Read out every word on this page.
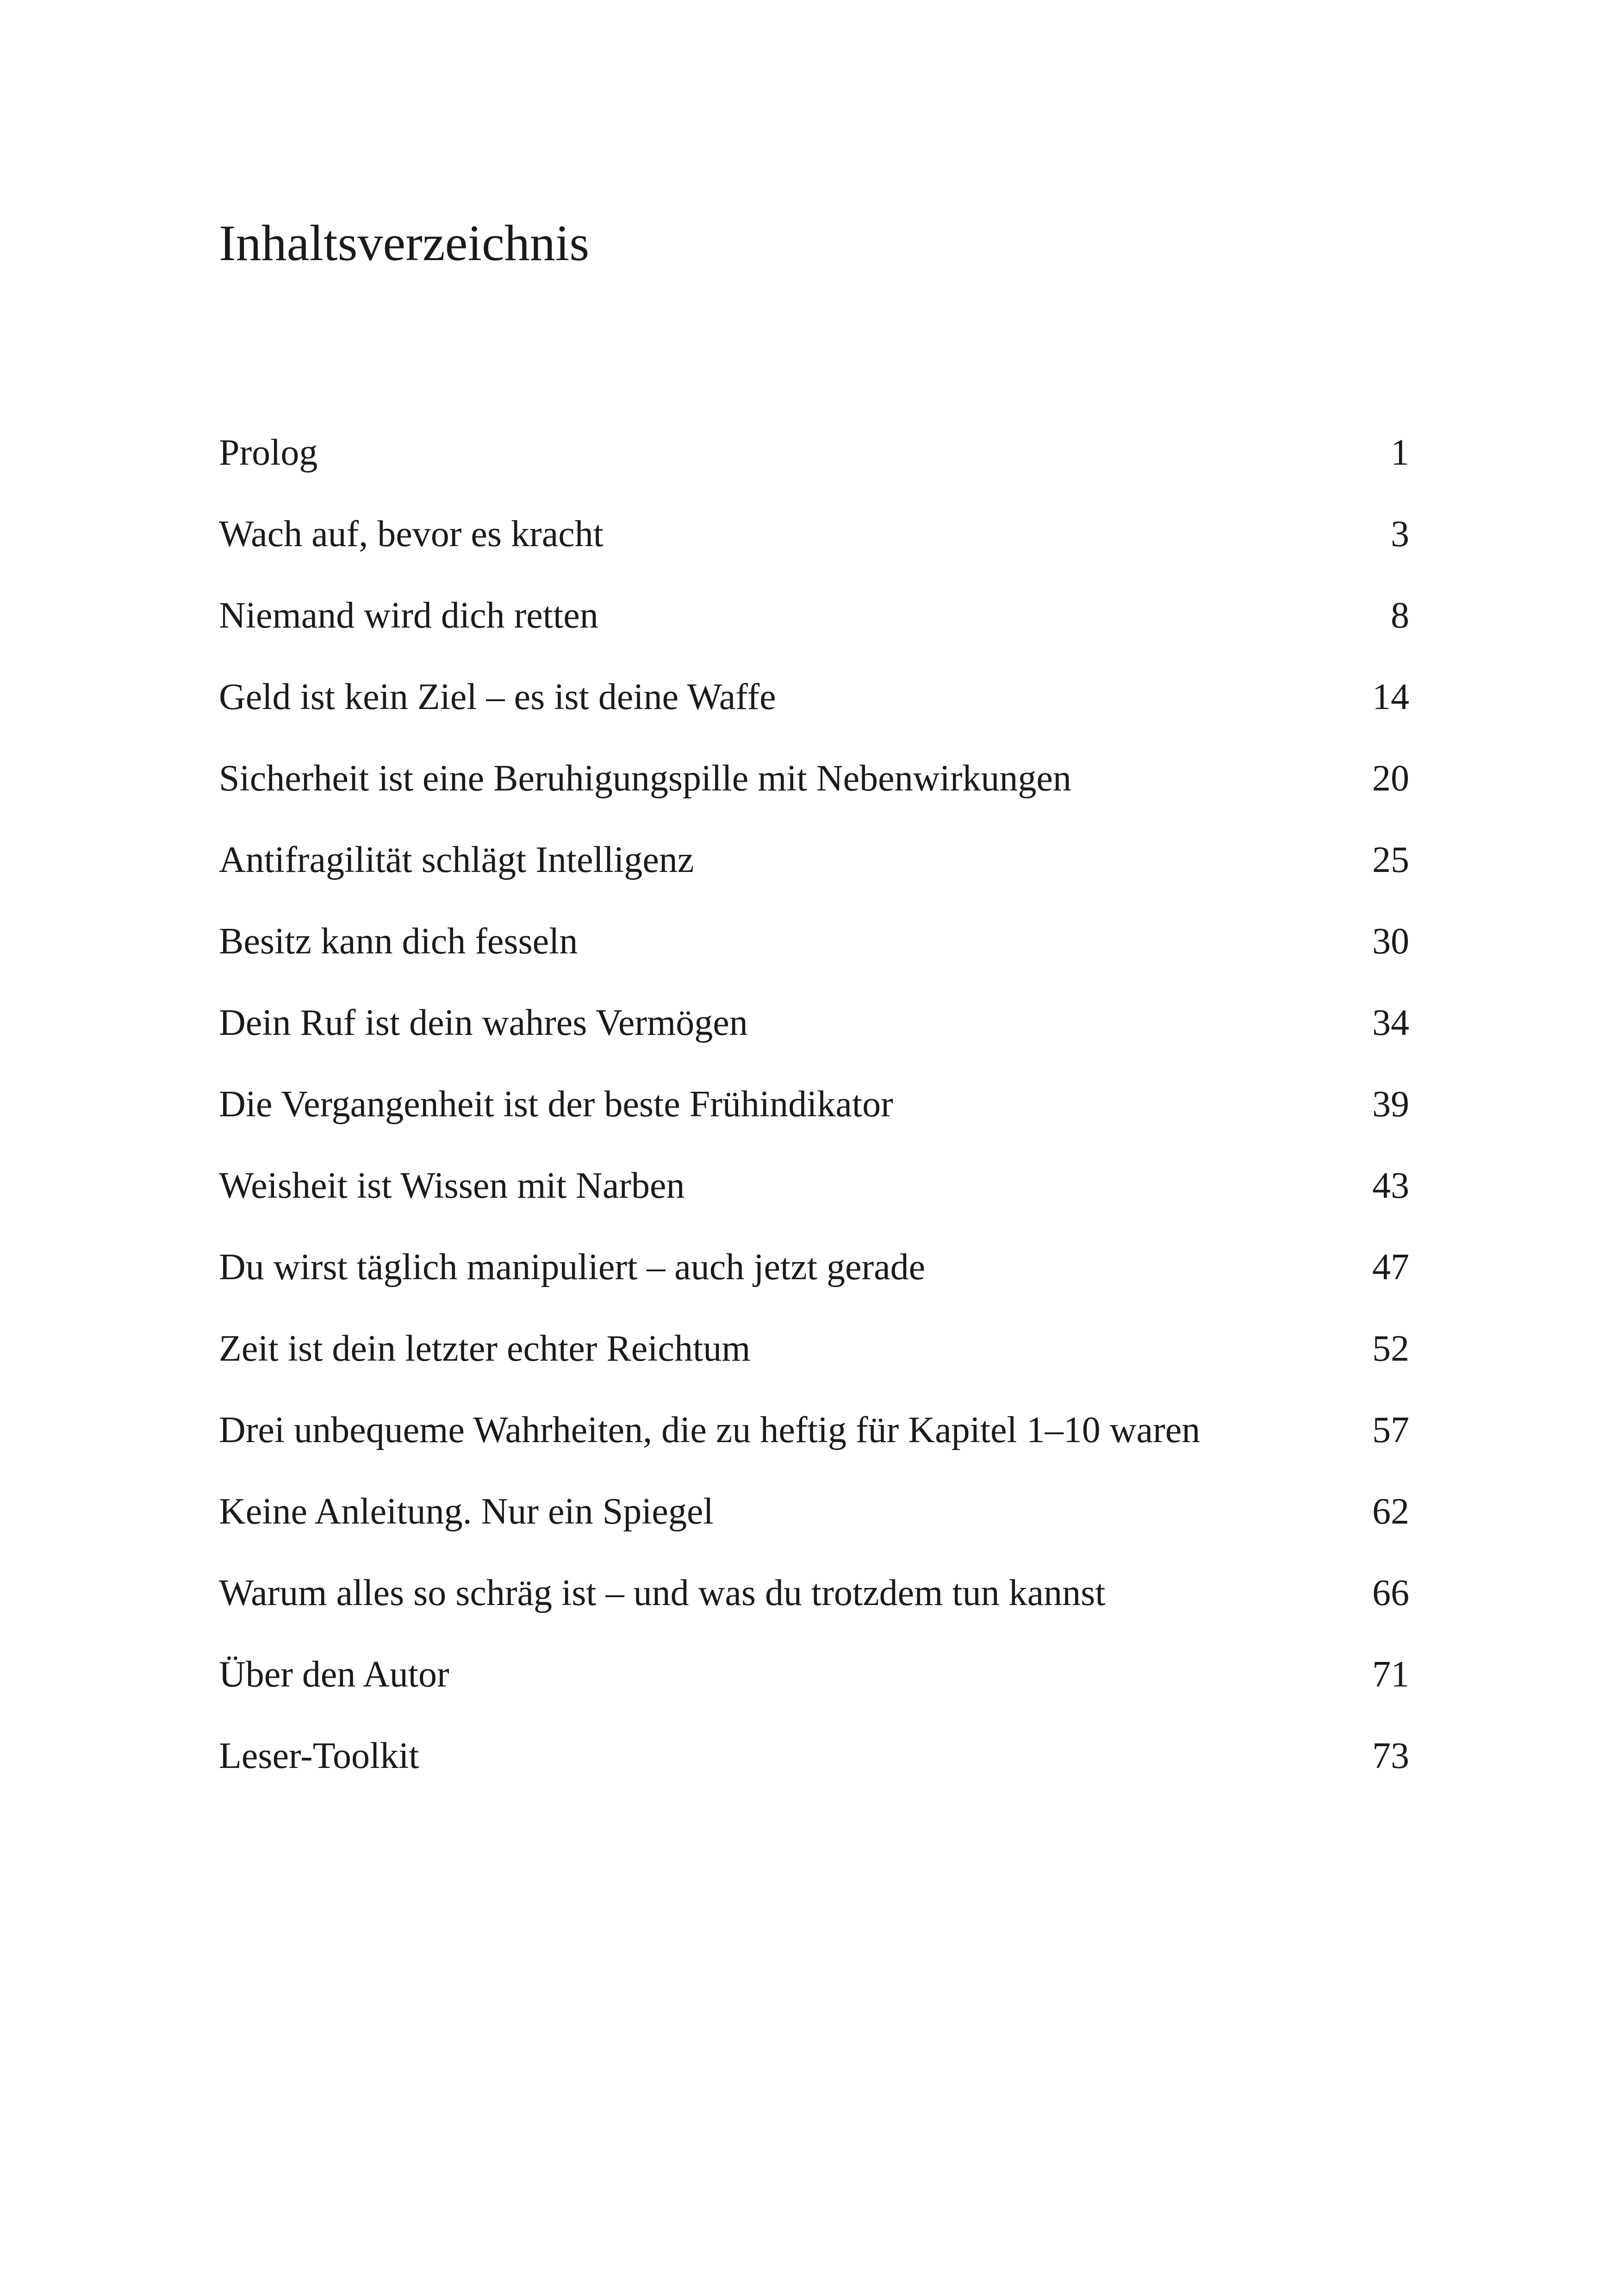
Inhaltsverzeichnis
Prolog	1
Wach auf, bevor es kracht	3
Niemand wird dich retten	8
Geld ist kein Ziel – es ist deine Waffe	14
Sicherheit ist eine Beruhigungspille mit Nebenwirkungen	20
Antifragilität schlägt Intelligenz	25
Besitz kann dich fesseln	30
Dein Ruf ist dein wahres Vermögen	34
Die Vergangenheit ist der beste Frühindikator	39
Weisheit ist Wissen mit Narben	43
Du wirst täglich manipuliert – auch jetzt gerade	47
Zeit ist dein letzter echter Reichtum	52
Drei unbequeme Wahrheiten, die zu heftig für Kapitel 1–10 waren	57
Keine Anleitung. Nur ein Spiegel	62
Warum alles so schräg ist – und was du trotzdem tun kannst	66
Über den Autor	71
Leser-Toolkit	73
